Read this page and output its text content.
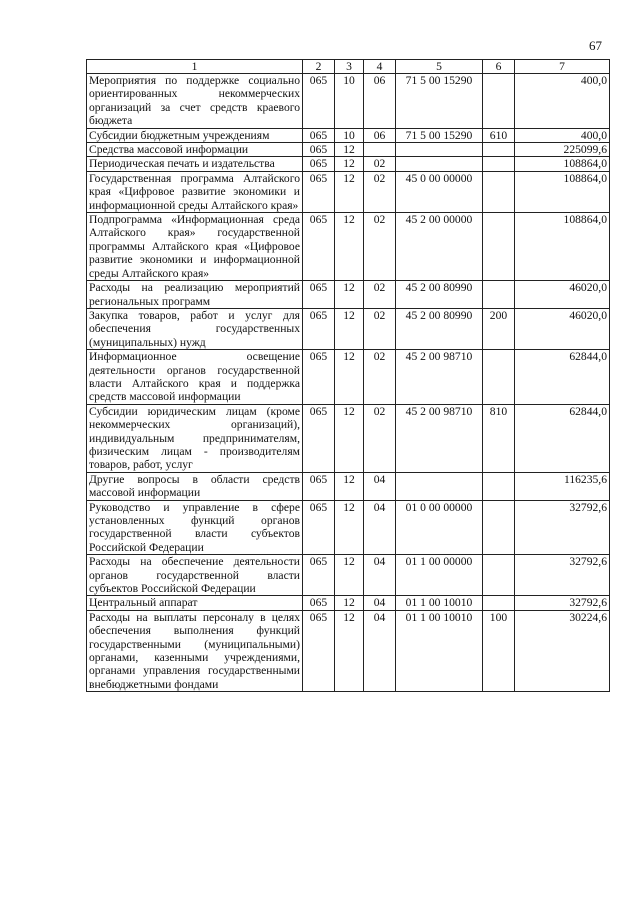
67
1	2	3	4	5	6	7
Мероприятия по поддержке социально ориентированных некоммерческих организаций за счет средств краевого бюджета	065	10	06	71 5 00 15290		400,0
Субсидии бюджетным учреждениям	065	10	06	71 5 00 15290	610	400,0
Средства массовой информации	065	12				225099,6
Периодическая печать и издательства	065	12	02			108864,0
Государственная программа Алтайского края «Цифровое развитие экономики и информационной среды Алтайского края»	065	12	02	45 0 00 00000		108864,0
Подпрограмма «Информационная среда Алтайского края» государственной программы Алтайского края «Цифровое развитие экономики и информационной среды Алтайского края»	065	12	02	45 2 00 00000		108864,0
Расходы на реализацию мероприятий региональных программ	065	12	02	45 2 00 80990		46020,0
Закупка товаров, работ и услуг для обеспечения государственных (муниципальных) нужд	065	12	02	45 2 00 80990	200	46020,0
Информационное освещение деятельности органов государственной власти Алтайского края и поддержка средств массовой информации	065	12	02	45 2 00 98710		62844,0
Субсидии юридическим лицам (кроме некоммерческих организаций), индивидуальным предпринимателям, физическим лицам - производителям товаров, работ, услуг	065	12	02	45 2 00 98710	810	62844,0
Другие вопросы в области средств массовой информации	065	12	04			116235,6
Руководство и управление в сфере установленных функций органов государственной власти субъектов Российской Федерации	065	12	04	01 0 00 00000		32792,6
Расходы на обеспечение деятельности органов государственной власти субъектов Российской Федерации	065	12	04	01 1 00 00000		32792,6
Центральный аппарат	065	12	04	01 1 00 10010		32792,6
Расходы на выплаты персоналу в целях обеспечения выполнения функций государственными (муниципальными) органами, казенными учреждениями, органами управления государственными внебюджетными фондами	065	12	04	01 1 00 10010	100	30224,6
